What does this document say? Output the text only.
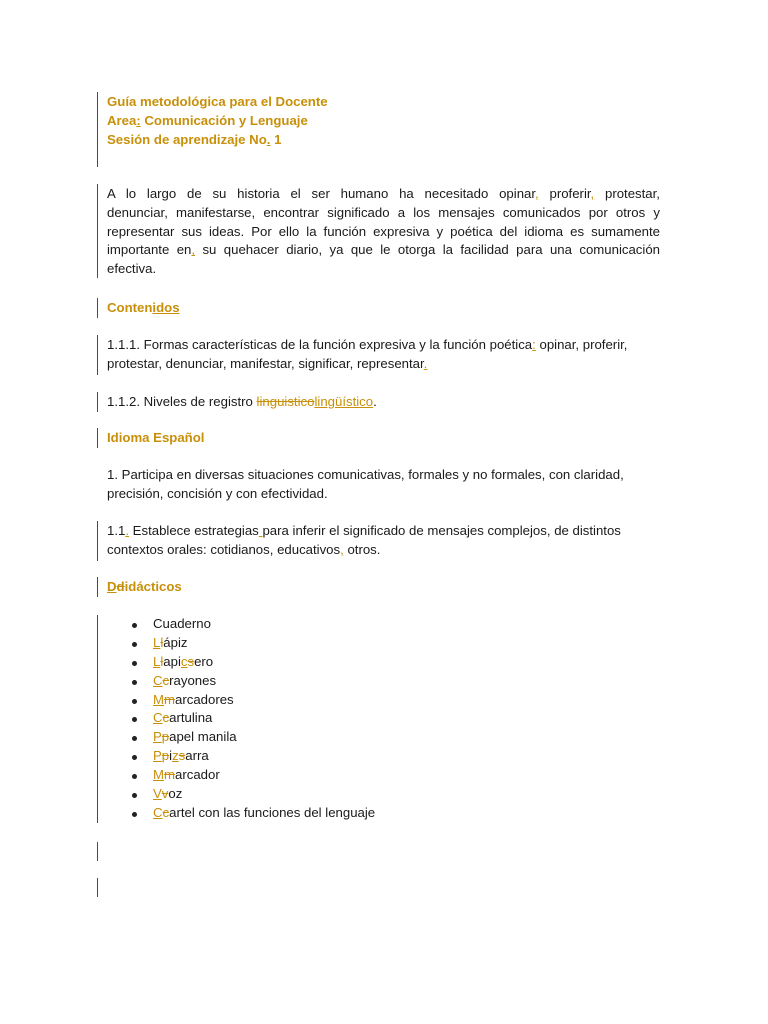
Guía metodológica para el Docente
Area: Comunicación y Lenguaje
Sesión de aprendizaje No. 1
A lo largo de su historia el ser humano ha necesitado opinar, proferir, protestar,
denunciar, manifestarse, encontrar significado a los mensajes comunicados por otros y
representar sus ideas. Por ello la función expresiva y poética del idioma es sumamente
importante en, su quehacer diario, ya que le otorga la facilidad para una comunicación
efectiva.
Contenidos
1.1.1. Formas características de la función expresiva y la función poética: opinar, proferir,
protestar, denunciar, manifestar, significar, representar.
1.1.2. Niveles de registro linguisticolingüístico.
Idioma Español
1. Participa en diversas situaciones comunicativas, formales y no formales, con claridad,
precisión, concisión y con efectividad.
1.1. Establece estrategias para inferir el significado de mensajes complejos, de distintos
contextos orales: cotidianos, educativos, otros.
Ddidácticos
Cuaderno
Llápiz
Llapicsero
Ccrayones
Mmarcadores
Ccartulina
Ppapel manila
Ppizsarra
Mmarcador
Vvoz
Ccartel con las funciones del lenguaje
